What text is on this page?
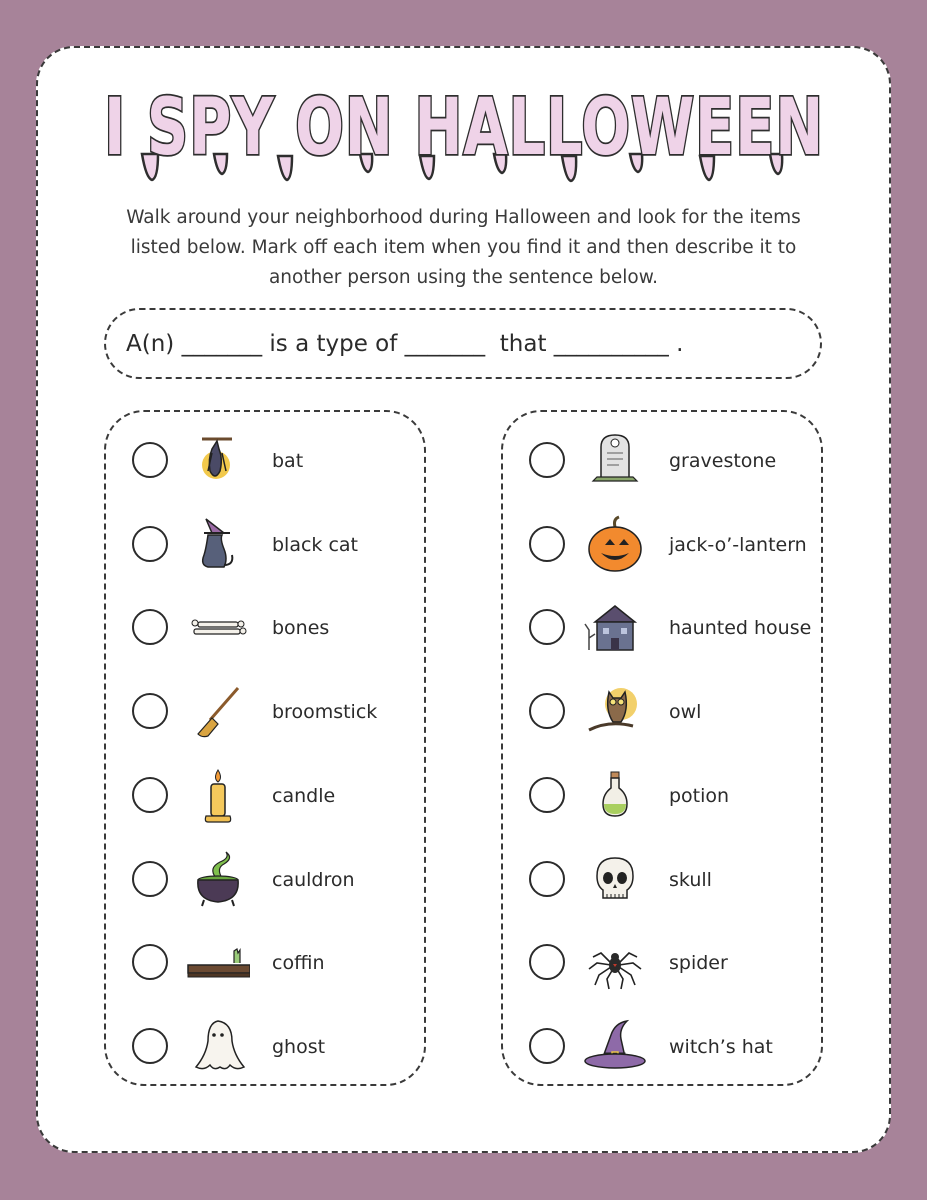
I SPY ON HALLOWEEN
Walk around your neighborhood during Halloween and look for the items listed below. Mark off each item when you find it and then describe it to another person using the sentence below.
A(n) _______ is a type of _______  that __________ .
bat
black cat
bones
broomstick
candle
cauldron
coffin
ghost
gravestone
jack-o’-lantern
haunted house
owl
potion
skull
spider
witch’s hat
